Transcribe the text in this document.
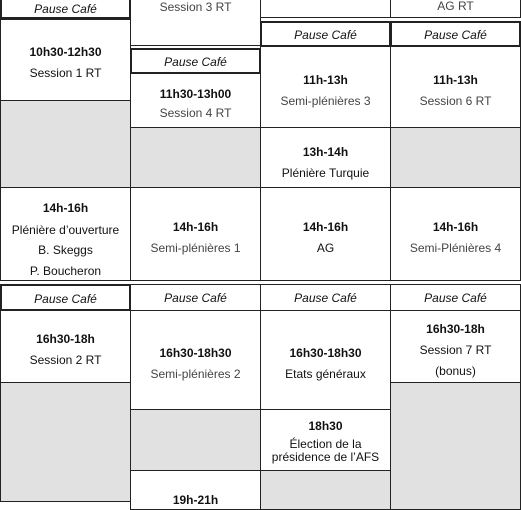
Pause Café
10h30-12h30
Session 1 RT
14h-16h
Plénière d’ouverture
B. Skeggs
P. Boucheron
Pause Café
16h30-18h
Session 2 RT
Session 3 RT
Pause Café
11h30-13h00
Session 4 RT
14h-16h
Semi-plénières 1
Pause Café
16h30-18h30
Semi-plénières 2
19h-21h
Pause Café
11h-13h
Semi-plénières 3
13h-14h
Plénière Turquie
14h-16h
AG
Pause Café
16h30-18h30
Etats généraux
18h30
Élection de la présidence de l’AFS
AG RT
Pause Café
11h-13h
Session 6 RT
14h-16h
Semi-Plénières 4
Pause Café
16h30-18h
Session 7 RT
(bonus)
